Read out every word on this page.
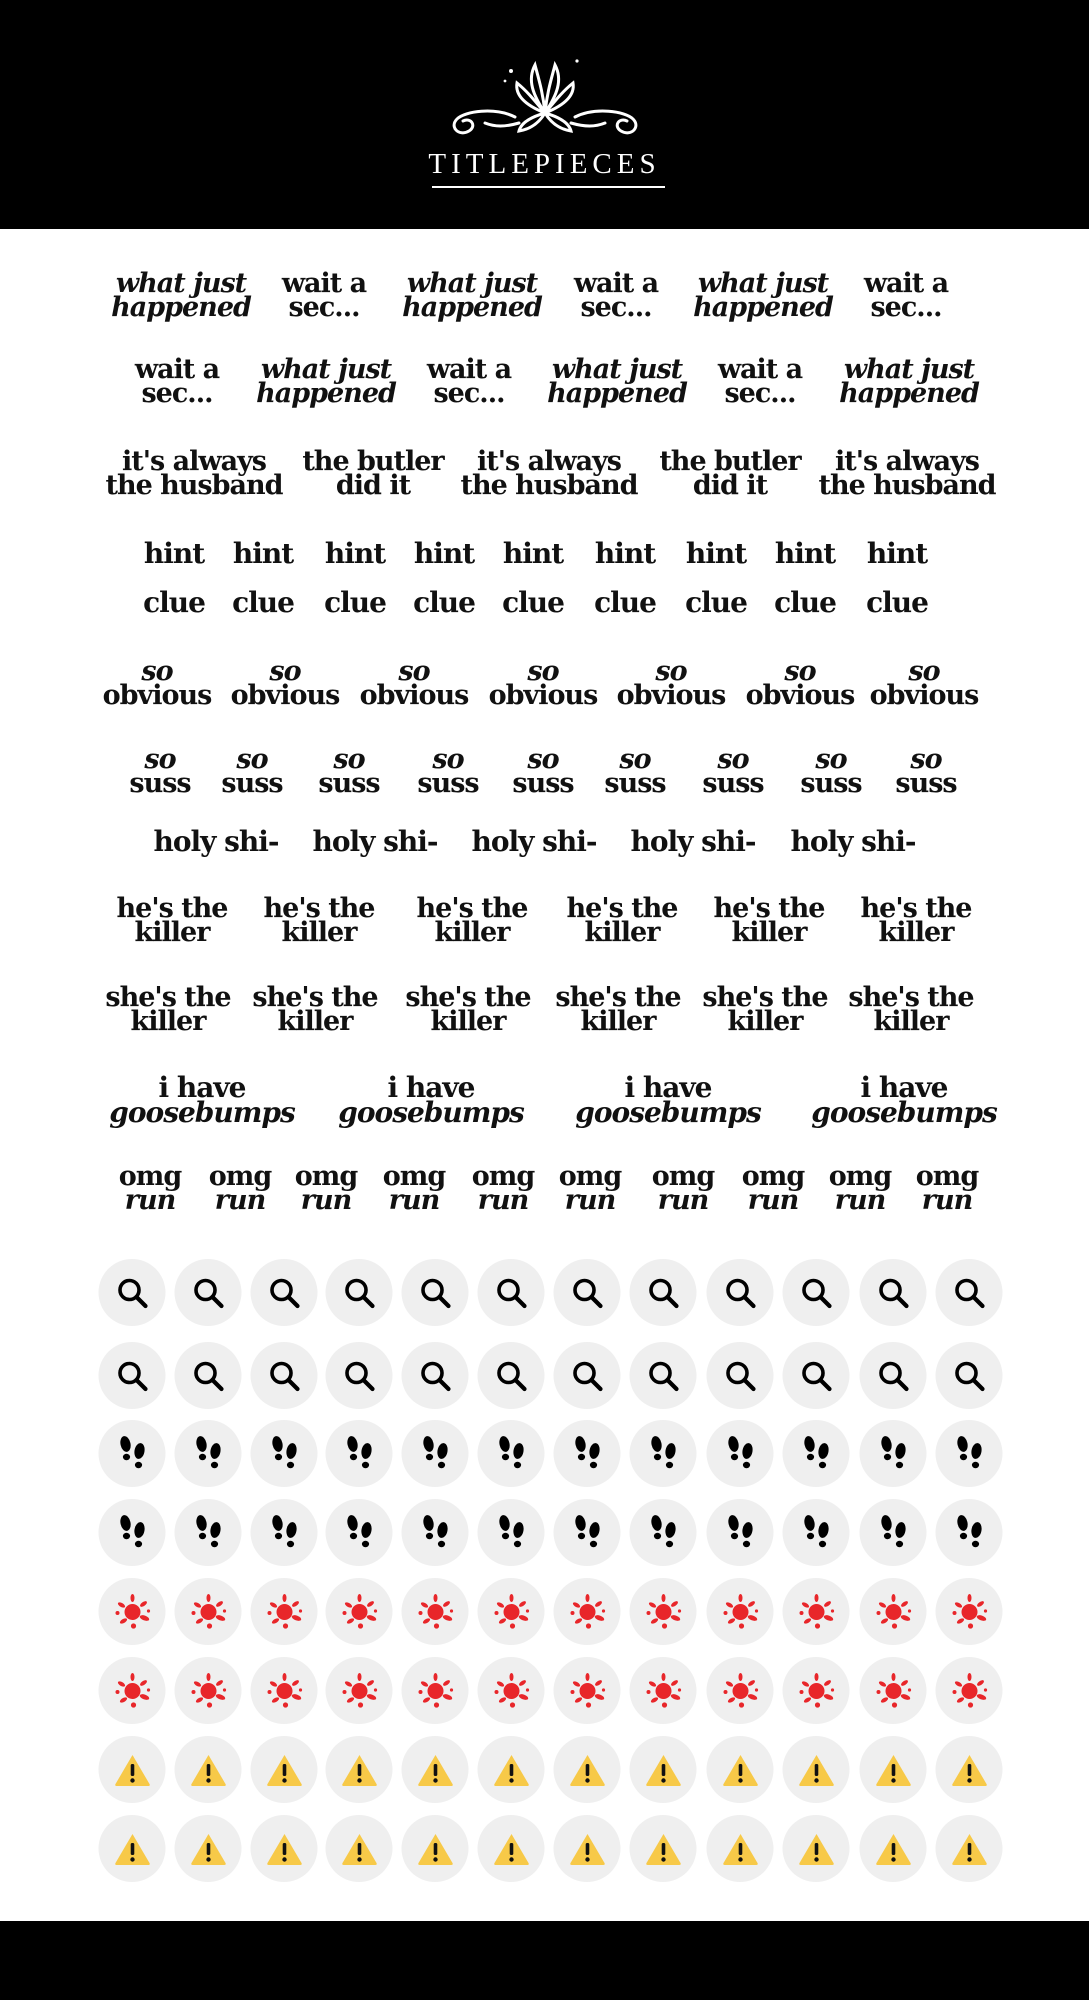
TITLEPIECES
what just
happened
wait a
sec...
what just
happened
wait a
sec...
what just
happened
wait a
sec...
wait a
sec...
what just
happened
wait a
sec...
what just
happened
wait a
sec...
what just
happened
it's always
the husband
the butler
did it
it's always
the husband
the butler
did it
it's always
the husband
hint hint hint hint hint hint hint hint hint
clue clue clue clue clue clue clue clue clue
so
obvious
so
obvious
so
obvious
so
obvious
so
obvious
so
obvious
so
obvious
so
suss
so
suss
so
suss
so
suss
so
suss
so
suss
so
suss
so
suss
so
suss
holy shi- holy shi- holy shi- holy shi- holy shi-
he's the
killer
he's the
killer
he's the
killer
he's the
killer
he's the
killer
he's the
killer
she's the
killer
she's the
killer
she's the
killer
she's the
killer
she's the
killer
she's the
killer
i have
goosebumps
i have
goosebumps
i have
goosebumps
i have
goosebumps
omg
run
omg
run
omg
run
omg
run
omg
run
omg
run
omg
run
omg
run
omg
run
omg
run
